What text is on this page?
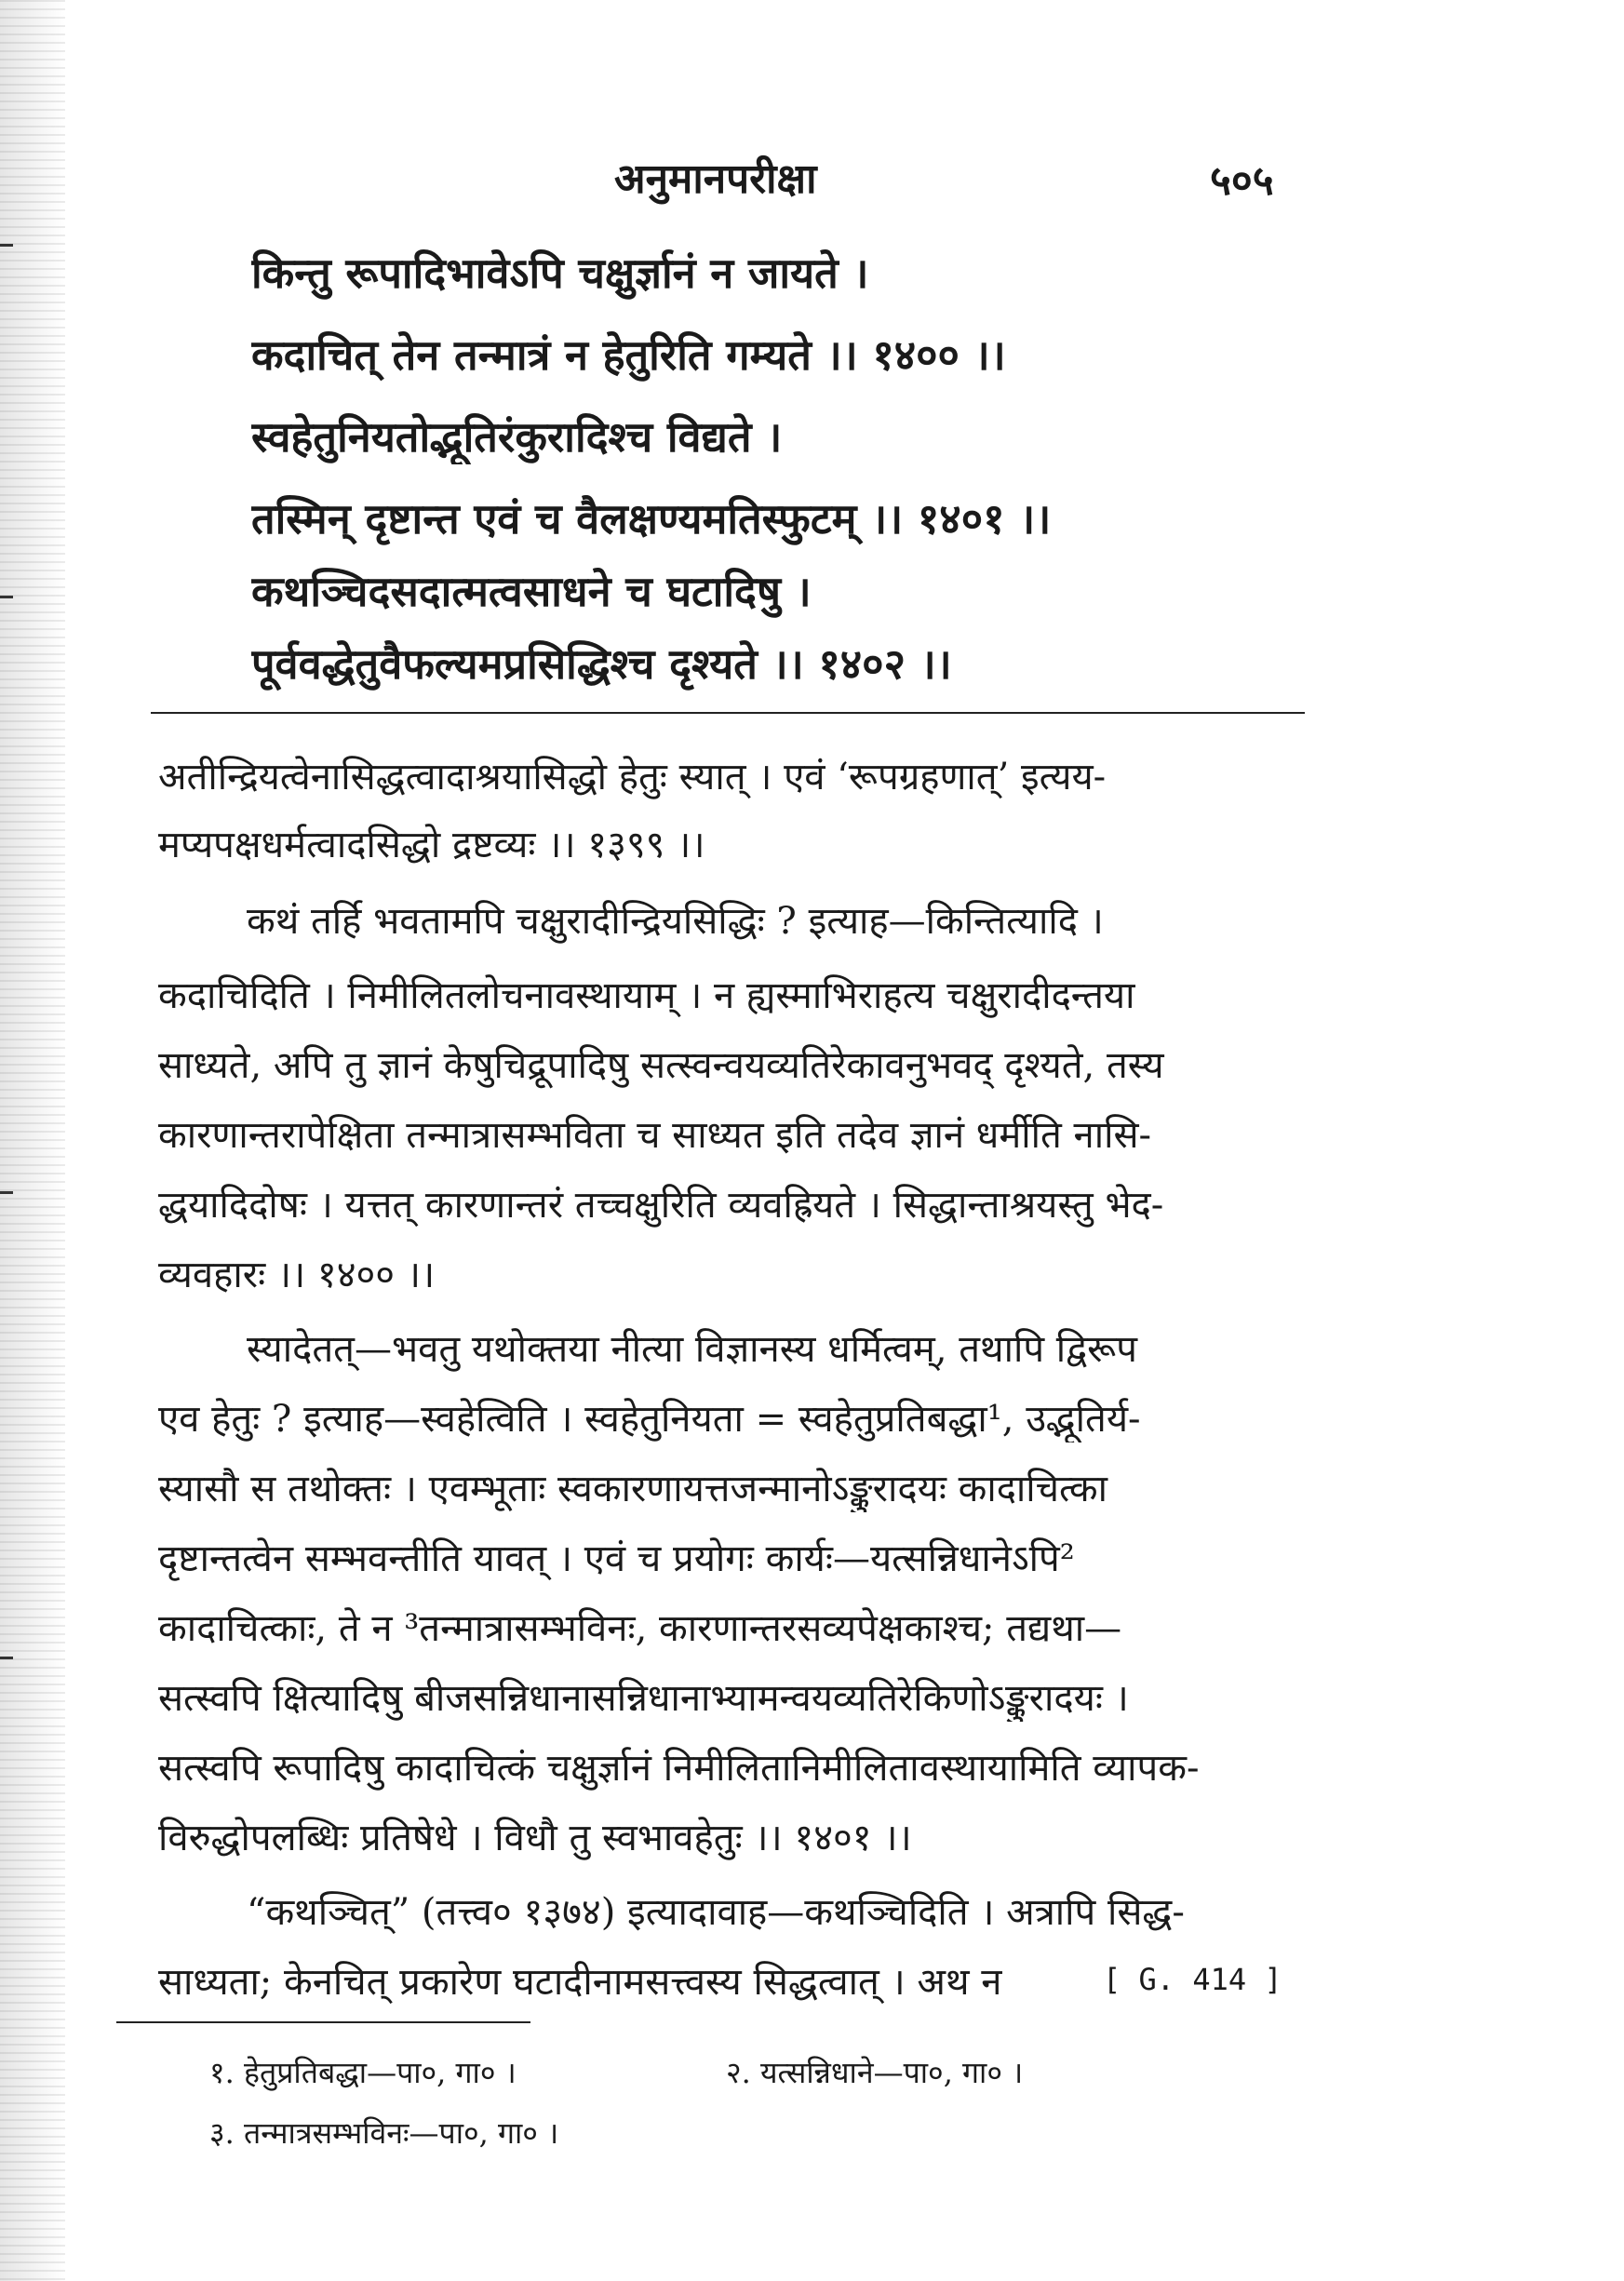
अनुमानपरीक्षा	५०५
किन्तु रूपादिभावेऽपि चक्षुर्ज्ञानं न जायते ।
कदाचित् तेन तन्मात्रं न हेतुरिति गम्यते ।। १४०० ।।
स्वहेतुनियतोद्भूतिरंकुरादिश्च विद्यते ।
तस्मिन् दृष्टान्त एवं च वैलक्षण्यमतिस्फुटम् ।। १४०१ ।।
कथञ्चिदसदात्मत्वसाधने च घटादिषु ।
पूर्ववद्धेतुवैफल्यमप्रसिद्धिश्च दृश्यते ।। १४०२ ।।
अतीन्द्रियत्वेनासिद्धत्वादाश्रयासिद्धो हेतुः स्यात् । एवं ‘रूपग्रहणात्’ इत्यय-
मप्यपक्षधर्मत्वादसिद्धो द्रष्टव्यः ।। १३९९ ।।
कथं तर्हि भवतामपि चक्षुरादीन्द्रियसिद्धिः ? इत्याह—किन्तित्यादि ।
कदाचिदिति । निमीलितलोचनावस्थायाम् । न ह्यस्माभिराहत्य चक्षुरादीदन्तया
साध्यते, अपि तु ज्ञानं केषुचिद्रूपादिषु सत्स्वन्वयव्यतिरेकावनुभवद् दृश्यते, तस्य
कारणान्तरापेक्षिता तन्मात्रासम्भविता च साध्यत इति तदेव ज्ञानं धर्मीति नासि-
द्धयादिदोषः । यत्तत् कारणान्तरं तच्चक्षुरिति व्यवह्रियते । सिद्धान्ताश्रयस्तु भेद-
व्यवहारः ।। १४०० ।।
स्यादेतत्—भवतु यथोक्तया नीत्या विज्ञानस्य धर्मित्वम्, तथापि द्विरूप
एव हेतुः ? इत्याह—स्वहेत्विति । स्वहेतुनियता = स्वहेतुप्रतिबद्धा¹, उद्भूतिर्य-
स्यासौ स तथोक्तः । एवम्भूताः स्वकारणायत्तजन्मानोऽङ्कुरादयः कादाचित्का
दृष्टान्तत्वेन सम्भवन्तीति यावत् । एवं च प्रयोगः कार्यः—यत्सन्निधानेऽपि²
कादाचित्काः, ते न ³तन्मात्रासम्भविनः, कारणान्तरसव्यपेक्षकाश्च; तद्यथा—
सत्स्वपि क्षित्यादिषु बीजसन्निधानासन्निधानाभ्यामन्वयव्यतिरेकिणोऽङ्कुरादयः ।
सत्स्वपि रूपादिषु कादाचित्कं चक्षुर्ज्ञानं निमीलितानिमीलितावस्थायामिति व्यापक-
विरुद्धोपलब्धिः प्रतिषेधे । विधौ तु स्वभावहेतुः ।। १४०१ ।।
“कथञ्चित्” (तत्त्व० १३७४) इत्यादावाह—कथञ्चिदिति । अत्रापि सिद्ध-
साध्यता; केनचित् प्रकारेण घटादीनामसत्त्वस्य सिद्धत्वात् । अथ न	[ G. 414 ]
१. हेतुप्रतिबद्धा—पा०, गा० ।	२. यत्सन्निधाने—पा०, गा० ।
३. तन्मात्रसम्भविनः—पा०, गा० ।
